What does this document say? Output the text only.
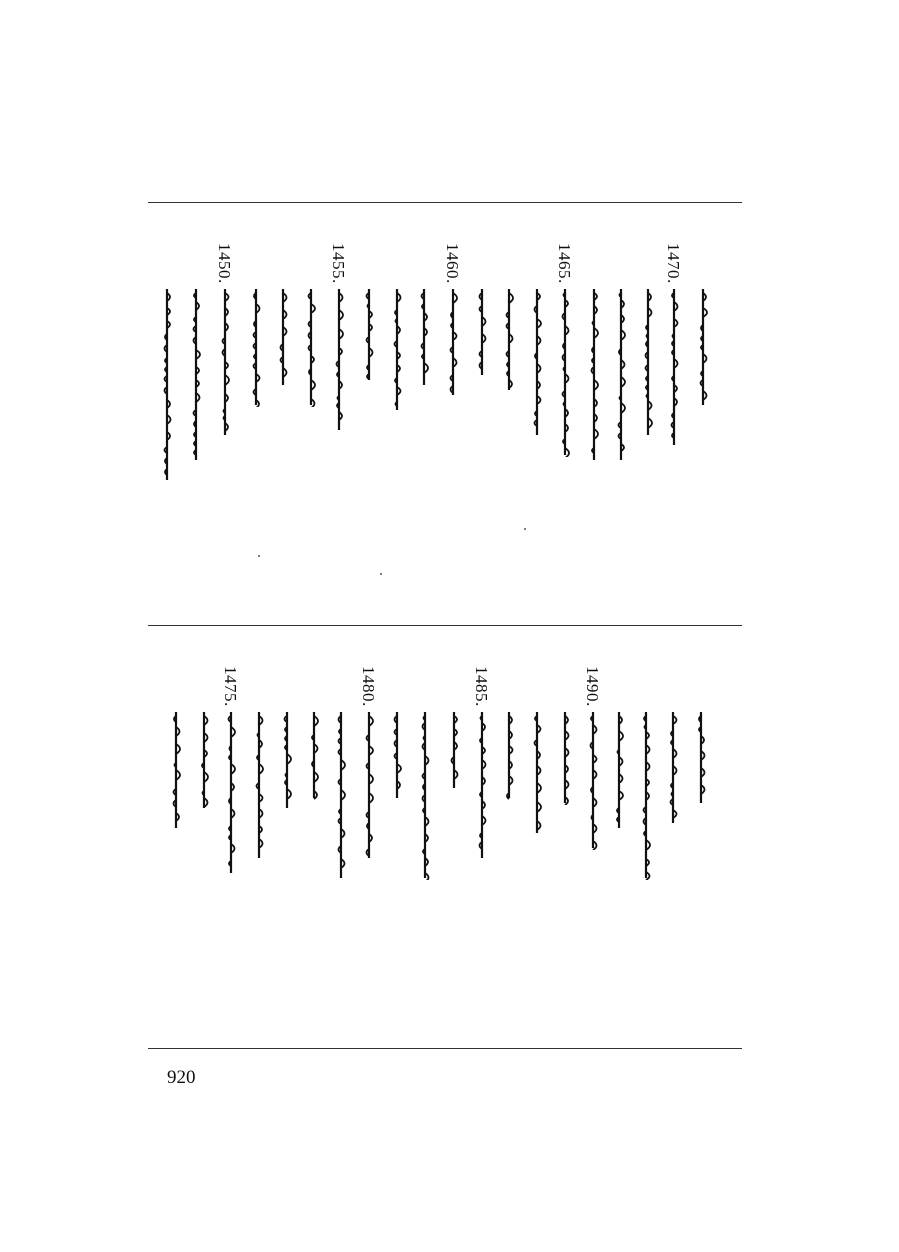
1470.
1465.
1460.
1455.
1450.
1490.
1485.
1480.
1475.
920
